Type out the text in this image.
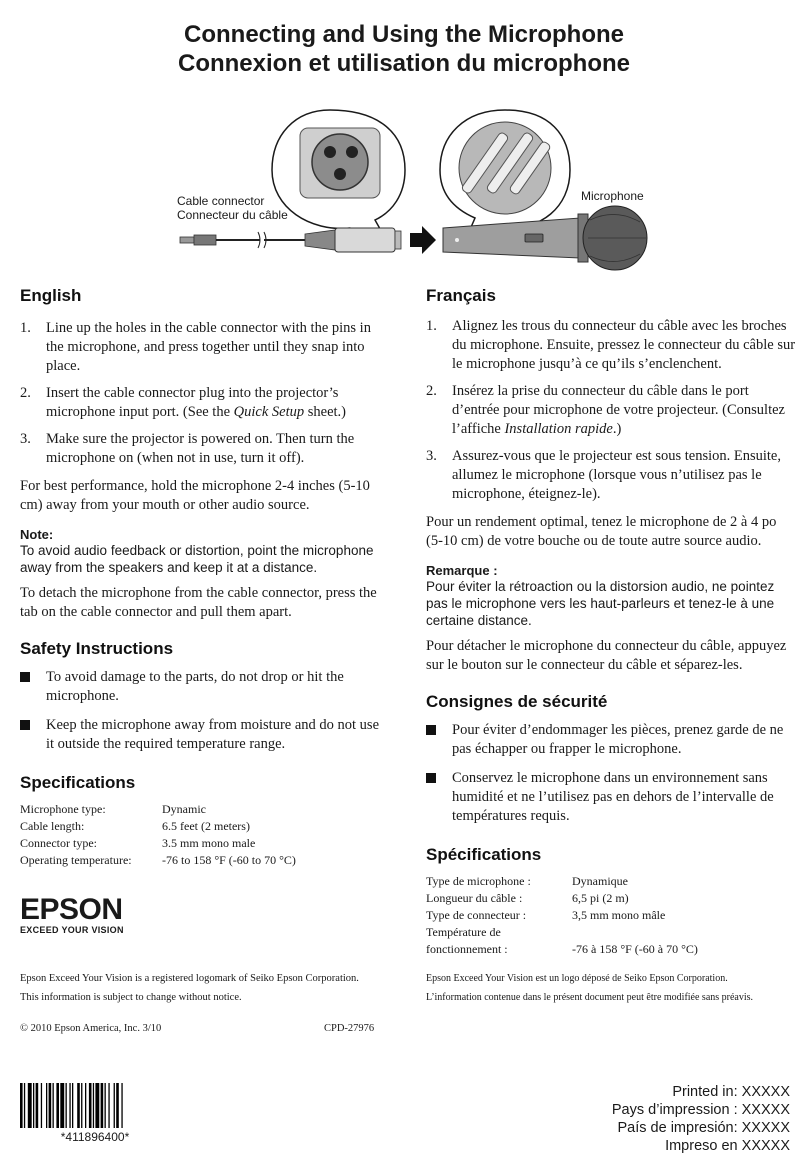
Connecting and Using the Microphone
Connexion et utilisation du microphone
Cable connector
Connecteur du câble
Microphone
English
1. Line up the holes in the cable connector with the pins in the microphone, and press together until they snap into place.
2. Insert the cable connector plug into the projector’s microphone input port. (See the Quick Setup sheet.)
3. Make sure the projector is powered on. Then turn the microphone on (when not in use, turn it off).

For best performance, hold the microphone 2-4 inches (5-10 cm) away from your mouth or other audio source.

Note:
To avoid audio feedback or distortion, point the microphone away from the speakers and keep it at a distance.

To detach the microphone from the cable connector, press the tab on the cable connector and pull them apart.

Safety Instructions
To avoid damage to the parts, do not drop or hit the microphone.
Keep the microphone away from moisture and do not use it outside the required temperature range.
Specifications
Microphone type:	Dynamic
Cable length:	6.5 feet (2 meters)
Connector type:	3.5 mm mono male
Operating temperature:	-76 to 158 °F (-60 to 70 °C)
EPSON
EXCEED YOUR VISION
Epson Exceed Your Vision is a registered logomark of Seiko Epson Corporation.
This information is subject to change without notice.
© 2010 Epson America, Inc. 3/10	CPD-27976
Français
1. Alignez les trous du connecteur du câble avec les broches du microphone. Ensuite, pressez le connecteur du câble sur le microphone jusqu’à ce qu’ils s’enclenchent.
2. Insérez la prise du connecteur du câble dans le port d’entrée pour microphone de votre projecteur. (Consultez l’affiche Installation rapide.)
3. Assurez-vous que le projecteur est sous tension. Ensuite, allumez le microphone (lorsque vous n’utilisez pas le microphone, éteignez-le).

Pour un rendement optimal, tenez le microphone de 2 à 4 po (5-10 cm) de votre bouche ou de toute autre source audio.

Remarque :
Pour éviter la rétroaction ou la distorsion audio, ne pointez pas le microphone vers les haut-parleurs et tenez-le à une certaine distance.

Pour détacher le microphone du connecteur du câble, appuyez sur le bouton sur le connecteur du câble et séparez-les.

Consignes de sécurité
Pour éviter d’endommager les pièces, prenez garde de ne pas échapper ou frapper le microphone.
Conservez le microphone dans un environnement sans humidité et ne l’utilisez pas en dehors de l’intervalle de températures requis.
Spécifications
Type de microphone :	Dynamique
Longueur du câble :	6,5 pi (2 m)
Type de connecteur :	3,5 mm mono mâle
Température de fonctionnement :	-76 à 158 °F (-60 à 70 °C)
Epson Exceed Your Vision est un logo déposé de Seiko Epson Corporation.
L’information contenue dans le présent document peut être modifiée sans préavis.
*411896400*
Printed in: XXXXX
Pays d’impression : XXXXX
País de impresión: XXXXX
Impreso en XXXXX
